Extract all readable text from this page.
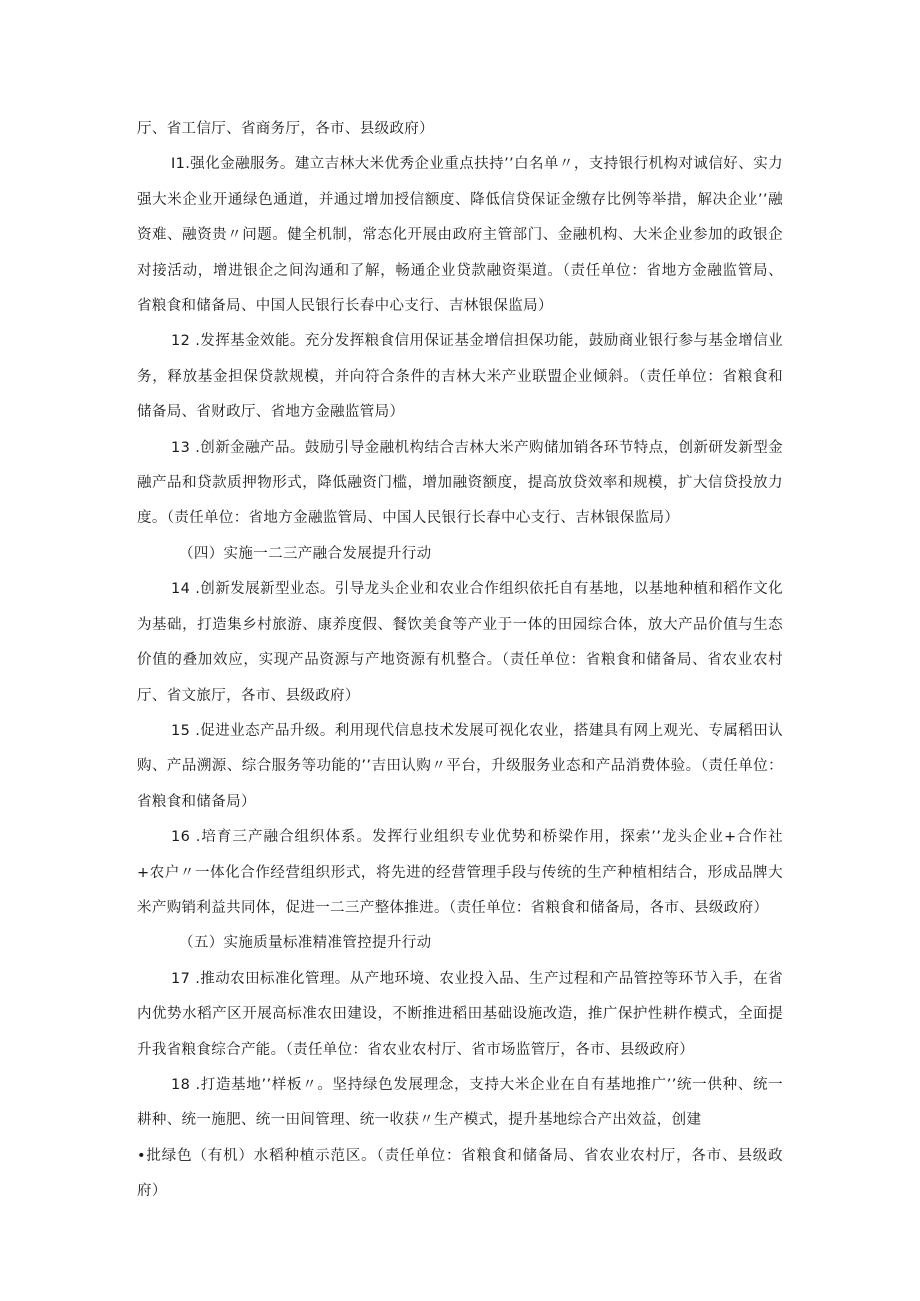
厅、省工信厅、省商务厅，各市、县级政府）

I1.强化金融服务。建立吉林大米优秀企业重点扶持’’白名单〃，支持银行机构对诚信好、实力强大米企业开通绿色通道，并通过增加授信额度、降低信贷保证金缴存比例等举措，解决企业’’融资难、融资贵〃问题。健全机制，常态化开展由政府主管部门、金融机构、大米企业参加的政银企对接活动，增进银企之间沟通和了解，畅通企业贷款融资渠道。（责任单位：省地方金融监管局、省粮食和储备局、中国人民银行长春中心支行、吉林银保监局）

12 .发挥基金效能。充分发挥粮食信用保证基金增信担保功能，鼓励商业银行参与基金增信业务，释放基金担保贷款规模，并向符合条件的吉林大米产业联盟企业倾斜。（责任单位：省粮食和储备局、省财政厅、省地方金融监管局）

13 .创新金融产品。鼓励引导金融机构结合吉林大米产购储加销各环节特点，创新研发新型金融产品和贷款质押物形式，降低融资门槛，增加融资额度，提高放贷效率和规模，扩大信贷投放力度。（责任单位：省地方金融监管局、中国人民银行长春中心支行、吉林银保监局）

（四）实施一二三产融合发展提升行动

14 .创新发展新型业态。引导龙头企业和农业合作组织依托自有基地，以基地种植和稻作文化为基础，打造集乡村旅游、康养度假、餐饮美食等产业于一体的田园综合体，放大产品价值与生态价值的叠加效应，实现产品资源与产地资源有机整合。（责任单位：省粮食和储备局、省农业农村厅、省文旅厅，各市、县级政府）

15 .促进业态产品升级。利用现代信息技术发展可视化农业，搭建具有网上观光、专属稻田认购、产品溯源、综合服务等功能的’’吉田认购〃平台，升级服务业态和产品消费体验。（责任单位：省粮食和储备局）

16 .培育三产融合组织体系。发挥行业组织专业优势和桥梁作用，探索’’龙头企业+合作社+农户〃一体化合作经营组织形式，将先进的经营管理手段与传统的生产种植相结合，形成品牌大米产购销利益共同体，促进一二三产整体推进。（责任单位：省粮食和储备局，各市、县级政府）

（五）实施质量标准精准管控提升行动

17 .推动农田标准化管理。从产地环境、农业投入品、生产过程和产品管控等环节入手，在省内优势水稻产区开展高标准农田建设，不断推进稻田基础设施改造，推广保护性耕作模式，全面提升我省粮食综合产能。（责任单位：省农业农村厅、省市场监管厅，各市、县级政府）

18 .打造基地’’样板〃。坚持绿色发展理念，支持大米企业在自有基地推广’’统一供种、统一耕种、统一施肥、统一田间管理、统一收获〃生产模式，提升基地综合产出效益，创建

•批绿色（有机）水稻种植示范区。（责任单位：省粮食和储备局、省农业农村厅，各市、县级政府）
